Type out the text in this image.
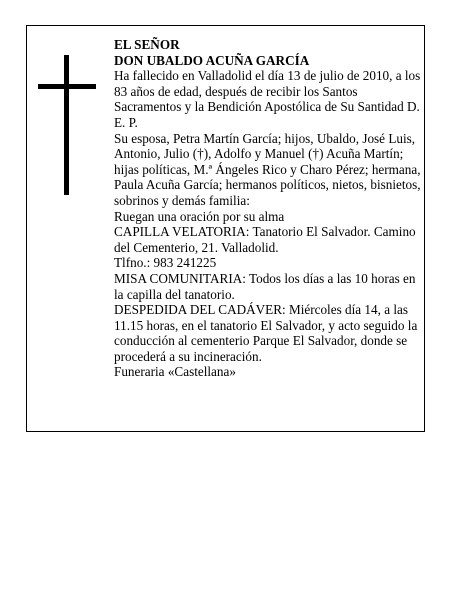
EL SEÑOR

DON UBALDO ACUÑA GARCÍA

Ha fallecido en Valladolid el día 13 de julio de 2010, a los 83 años de edad, después de recibir los Santos Sacramentos y la Bendición Apostólica de Su Santidad D. E. P.

Su esposa, Petra Martín García; hijos, Ubaldo, José Luis, Antonio, Julio (†), Adolfo y Manuel (†) Acuña Martín; hijas políticas, M.ª Ángeles Rico y Charo Pérez; hermana, Paula Acuña García; hermanos políticos, nietos, bisnietos, sobrinos y demás familia:

Ruegan una oración por su alma

CAPILLA VELATORIA: Tanatorio El Salvador. Camino del Cementerio, 21. Valladolid.

Tlfno.: 983 241225

MISA COMUNITARIA: Todos los días a las 10 horas en la capilla del tanatorio.

DESPEDIDA DEL CADÁVER: Miércoles día 14, a las 11.15 horas, en el tanatorio El Salvador, y acto seguido la conducción al cementerio Parque El Salvador, donde se procederá a su incineración.

Funeraria «Castellana»
